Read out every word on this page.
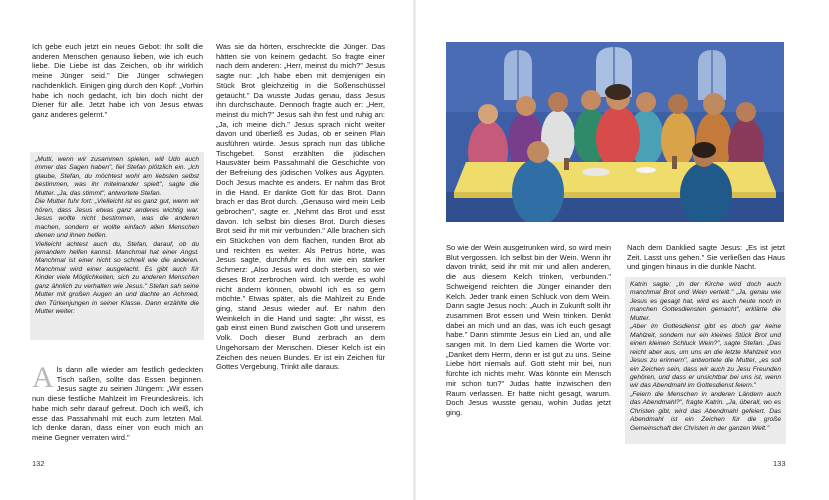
Ich gebe euch jetzt ein neues Gebot: Ihr sollt die anderen Menschen genauso lieben, wie ich euch liebe. Die Liebe ist das Zeichen, ob ihr wirklich meine Jünger seid." Die Jünger schwiegen nachdenklich. Einigen ging durch den Kopf: „Vorhin habe ich noch gedacht, ich bin doch nicht der Diener für alle. Jetzt habe ich von Jesus etwas ganz anderes gelernt."

„Mutti, wenn wir zusammen spielen, will Udo auch immer das Sagen haben", fiel Stefan plötzlich ein. „Ich glaube, Stefan, du möchtest wohl am liebsten selbst bestimmen, was ihr miteinander spielt", sagte die Mutter. „Ja, das stimmt", antwortete Stefan.

Die Mutter fuhr fort: „Vielleicht ist es ganz gut, wenn wir hören, dass Jesus etwas ganz anderes wichtig war. Jesus wollte nicht bestimmen, was die anderen machen, sondern er wollte einfach allen Menschen dienen und ihnen helfen.

Vielleicht achtest auch du, Stefan, darauf, ob du jemandem helfen kannst. Manchmal hat einer Angst. Manchmal ist einer nicht so schnell wie die anderen. Manchmal wird einer ausgelacht. Es gibt auch für Kinder viele Möglichkeiten, sich zu anderen Menschen ganz ähnlich zu verhalten wie Jesus." Stefan sah seine Mutter mit großen Augen an und dachte an Achmed, den Türkenjungen in seiner Klasse. Dann erzählte die Mutter weiter:

A ls dann alle wieder am festlich gedeckten Tisch saßen, sollte das Essen beginnen. Jesus sagte zu seinen Jüngern: „Wir essen nun diese festliche Mahlzeit im Freundeskreis. Ich habe mich sehr darauf gefreut. Doch ich weiß, ich esse das Passahmahl mit euch zum letzten Mal. Ich denke daran, dass einer von euch mich an meine Gegner verraten wird."

Was sie da hörten, erschreckte die Jünger. Das hätten sie von keinem gedacht. So fragte einer nach dem anderen: „Herr, meinst du mich?" Jesus sagte nur: „Ich habe eben mit demjenigen ein Stück Brot gleichzeitig in die Soßenschüssel getaucht." Da wusste Judas genau, dass Jesus ihn durchschaute. Dennoch fragte auch er: „Herr, meinst du mich?" Jesus sah ihn fest und ruhig an: „Ja, ich meine dich." Jesus sprach nicht weiter davon und überließ es Judas, ob er seinen Plan ausführen würde. Jesus sprach nun das übliche Tischgebet. Sonst erzählten die jüdischen Hausväter beim Passahmahl die Geschichte von der Befreiung des jüdischen Volkes aus Ägypten. Doch Jesus machte es anders. Er nahm das Brot in die Hand. Er dankte Gott für das Brot. Dann brach er das Brot durch. „Genauso wird mein Leib gebrochen", sagte er. „Nehmt das Brot und esst davon. Ich selbst bin dieses Brot. Durch dieses Brot seid ihr mit mir verbunden." Alle brachen sich ein Stückchen von dem flachen, runden Brot ab und reichten es weiter. Als Petrus hörte, was Jesus sagte, durchfuhr es ihn wie ein starker Schmerz: „Also Jesus wird doch sterben, so wie dieses Brot zerbrochen wird. Ich werde es wohl nicht ändern können, obwohl ich es so gern möchte." Etwas später, als die Mahlzeit zu Ende ging, stand Jesus wieder auf. Er nahm den Weinkelch in die Hand und sagte: „Ihr wisst, es gab einst einen Bund zwischen Gott und unserem Volk. Doch dieser Bund zerbrach an dem Ungehorsam der Menschen. Dieser Kelch ist ein Zeichen des neuen Bundes. Er ist ein Zeichen für Gottes Vergebung. Trinkt alle daraus.

132

So wie der Wein ausgetrunken wird, so wird mein Blut vergossen. Ich selbst bin der Wein. Wenn ihr davon trinkt, seid ihr mit mir und allen anderen, die aus diesem Kelch trinken, verbunden." Schweigend reichten die Jünger einander den Kelch. Jeder trank einen Schluck von dem Wein. Dann sagte Jesus noch: „Auch in Zukunft sollt ihr zusammen Brot essen und Wein trinken. Denkt dabei an mich und an das, was ich euch gesagt habe." Dann stimmte Jesus ein Lied an, und alle sangen mit. In dem Lied kamen die Worte vor: „Danket dem Herrn, denn er ist gut zu uns. Seine Liebe hört niemals auf. Gott steht mir bei, nun fürchte ich nichts mehr. Was könnte ein Mensch mir schon tun?" Judas hatte inzwischen den Raum verlassen. Er hatte nicht gesagt, warum. Doch Jesus wusste genau, wohin Judas jetzt ging.

Nach dem Danklied sagte Jesus: „Es ist jetzt Zeit. Lasst uns gehen." Sie verließen das Haus und gingen hinaus in die dunkle Nacht.

Katrin sagte: „In der Kirche wird doch auch manchmal Brot und Wein verteilt." „Ja, genau wie Jesus es gesagt hat, wird es auch heute noch in manchen Gottesdiensten gemacht", erklärte die Mutter.

„Aber im Gottesdienst gibt es doch gar keine Mahlzeit, sondern nur ein kleines Stück Brot und einen kleinen Schluck Wein?", sagte Stefan. „Das reicht aber aus, um uns an die letzte Mahlzeit von Jesus zu erinnern", antwortete die Mutter, „es soll ein Zeichen sein, dass wir auch zu Jesu Freunden gehören, und dass er unsichtbar bei uns ist, wenn wir das Abendmahl im Gottesdienst feiern."

„Feiern die Menschen in anderen Ländern auch das Abendmahl?", fragte Katrin. „Ja, überall, wo es Christen gibt, wird das Abendmahl gefeiert. Das Abendmahl ist ein Zeichen für die große Gemeinschaft der Christen in der ganzen Welt."

133
